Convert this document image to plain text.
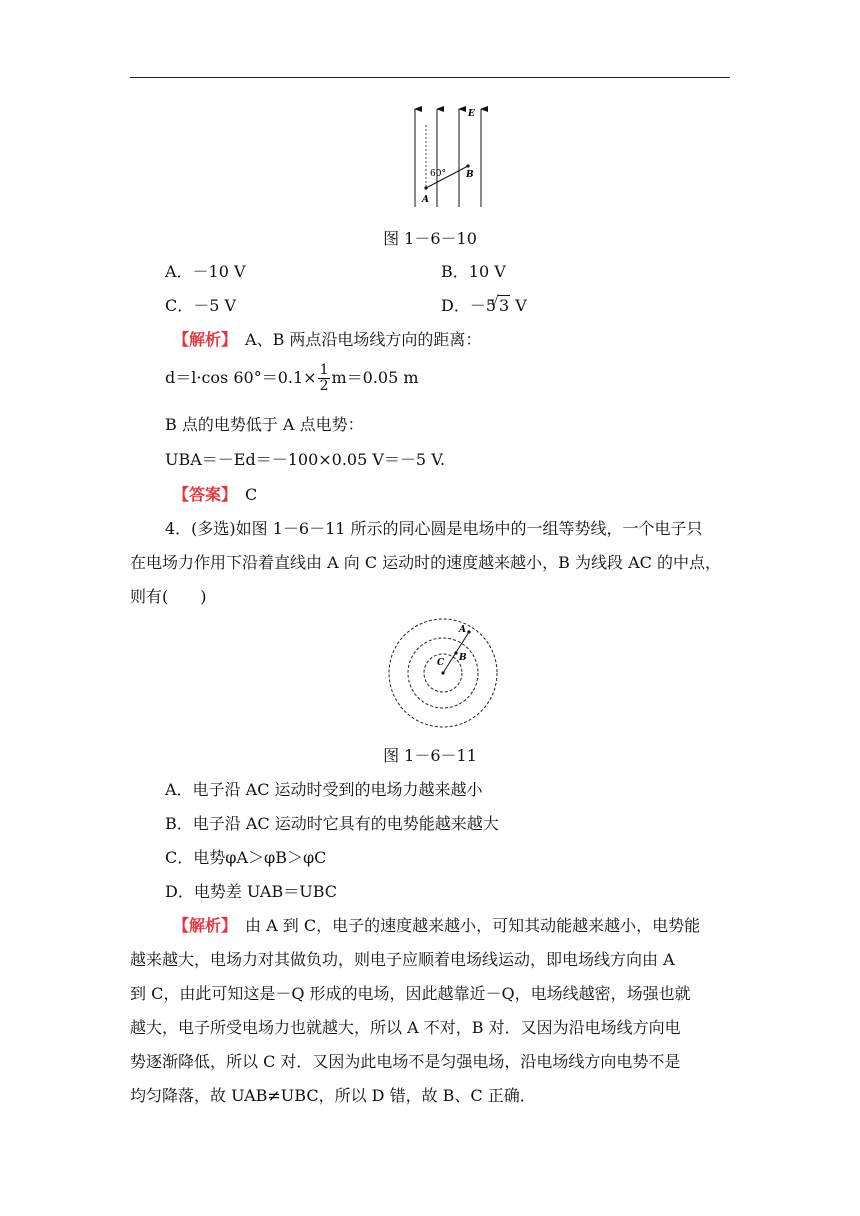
E
60° B
A
图 1－6－10
A．－10 V	B．10 V
C．－5 V	D．－5√ 3 V
【解析】　 A、B 两点沿电场线方向的距离：
d＝l·cos $60^\circ=0.1\times \frac{1}{2} m=0.05$ m
B 点的电势低于 A 点电势：
UBA＝－Ed＝－100×0.05 V＝－5 V.
【答案】　 C
4．(多选)如图 1－6－11 所示的同心圆是电场中的一组等势线，一个电子只
在电场力作用下沿着直线由 A 向 C 运动时的速度越来越小，B 为线段 AC 的中点，
则有(　　)
A
B
C
图 1－6－11
A．电子沿 AC 运动时受到的电场力越来越小
B．电子沿 AC 运动时它具有的电势能越来越大
C．电势φA＞φB＞φC
D．电势差 UAB＝UBC
【解析】　由 A 到 C，电子的速度越来越小，可知其动能越来越小，电势能
越来越大，电场力对其做负功，则电子应顺着电场线运动，即电场线方向由 A
到 C，由此可知这是－Q 形成的电场，因此越靠近－Q，电场线越密，场强也就
越大，电子所受电场力也就越大，所以 A 不对，B 对．又因为沿电场线方向电
势逐渐降低，所以 C 对．又因为此电场不是匀强电场，沿电场线方向电势不是
均匀降落，故 UAB≠UBC，所以 D 错，故 B、C 正确．
